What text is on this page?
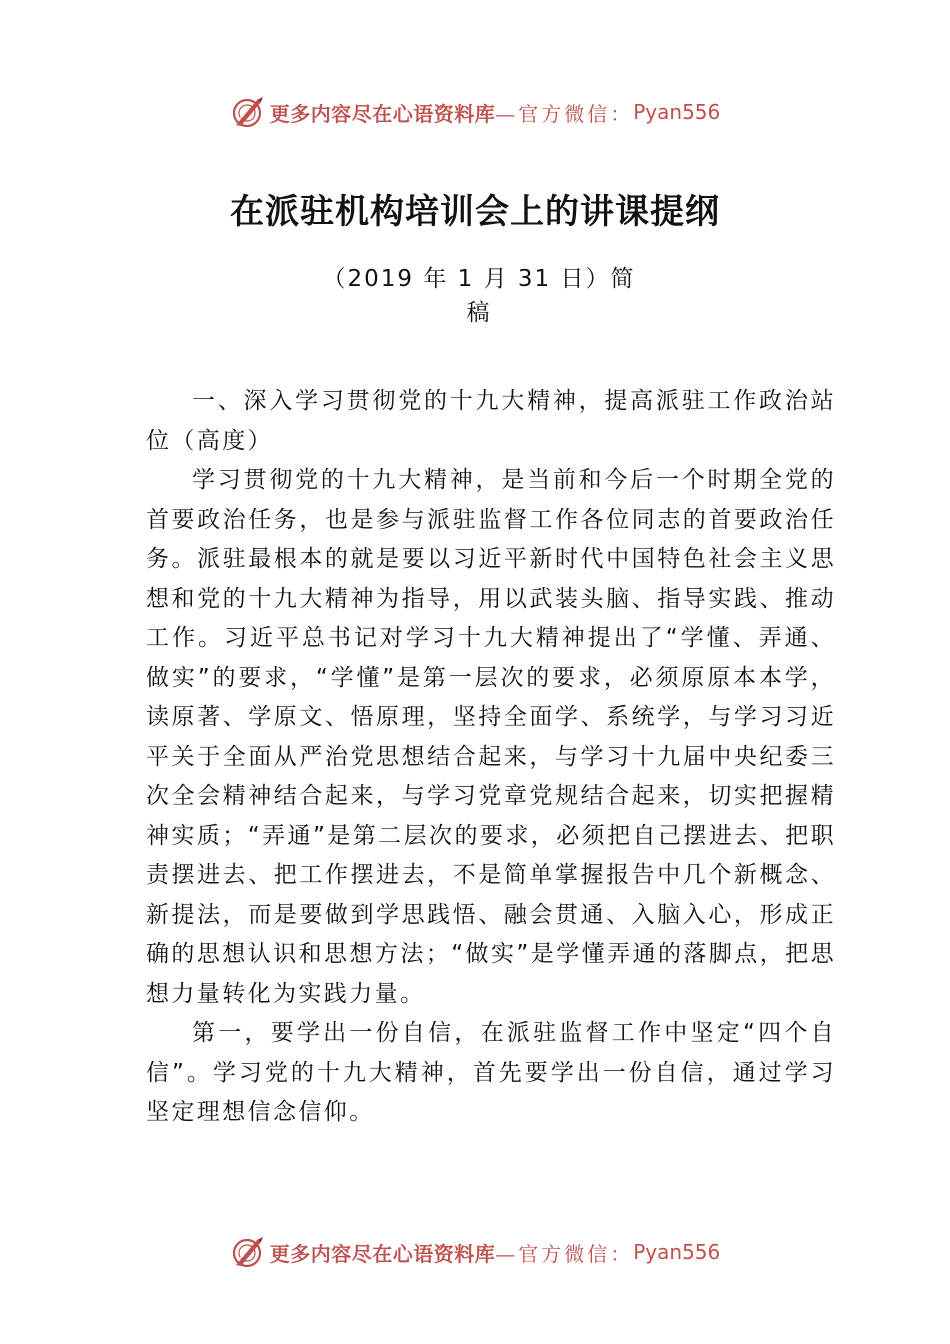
更多内容尽在心语资料库 —官方微信： Pyan556
在派驻机构培训会上的讲课提纲
（2019 年 1 月 31 日）简稿

一、深入学习贯彻党的十九大精神，提高派驻工作政治站位（高度）

学习贯彻党的十九大精神，是当前和今后一个时期全党的首要政治任务，也是参与派驻监督工作各位同志的首要政治任务。派驻最根本的就是要以习近平新时代中国特色社会主义思想和党的十九大精神为指导，用以武装头脑、指导实践、推动工作。习近平总书记对学习十九大精神提出了“学懂、弄通、做实”的要求，“学懂”是第一层次的要求，必须原原本本学，读原著、学原文、悟原理，坚持全面学、系统学，与学习习近平关于全面从严治党思想结合起来，与学习十九届中央纪委三次全会精神结合起来，与学习党章党规结合起来，切实把握精神实质；“弄通”是第二层次的要求，必须把自己摆进去、把职责摆进去、把工作摆进去，不是简单掌握报告中几个新概念、新提法，而是要做到学思践悟、融会贯通、入脑入心，形成正确的思想认识和思想方法；“做实”是学懂弄通的落脚点，把思想力量转化为实践力量。

第一，要学出一份自信，在派驻监督工作中坚定“四个自信”。学习党的十九大精神，首先要学出一份自信，通过学习坚定理想信念信仰。

更多内容尽在心语资料库 —官方微信： Pyan556
